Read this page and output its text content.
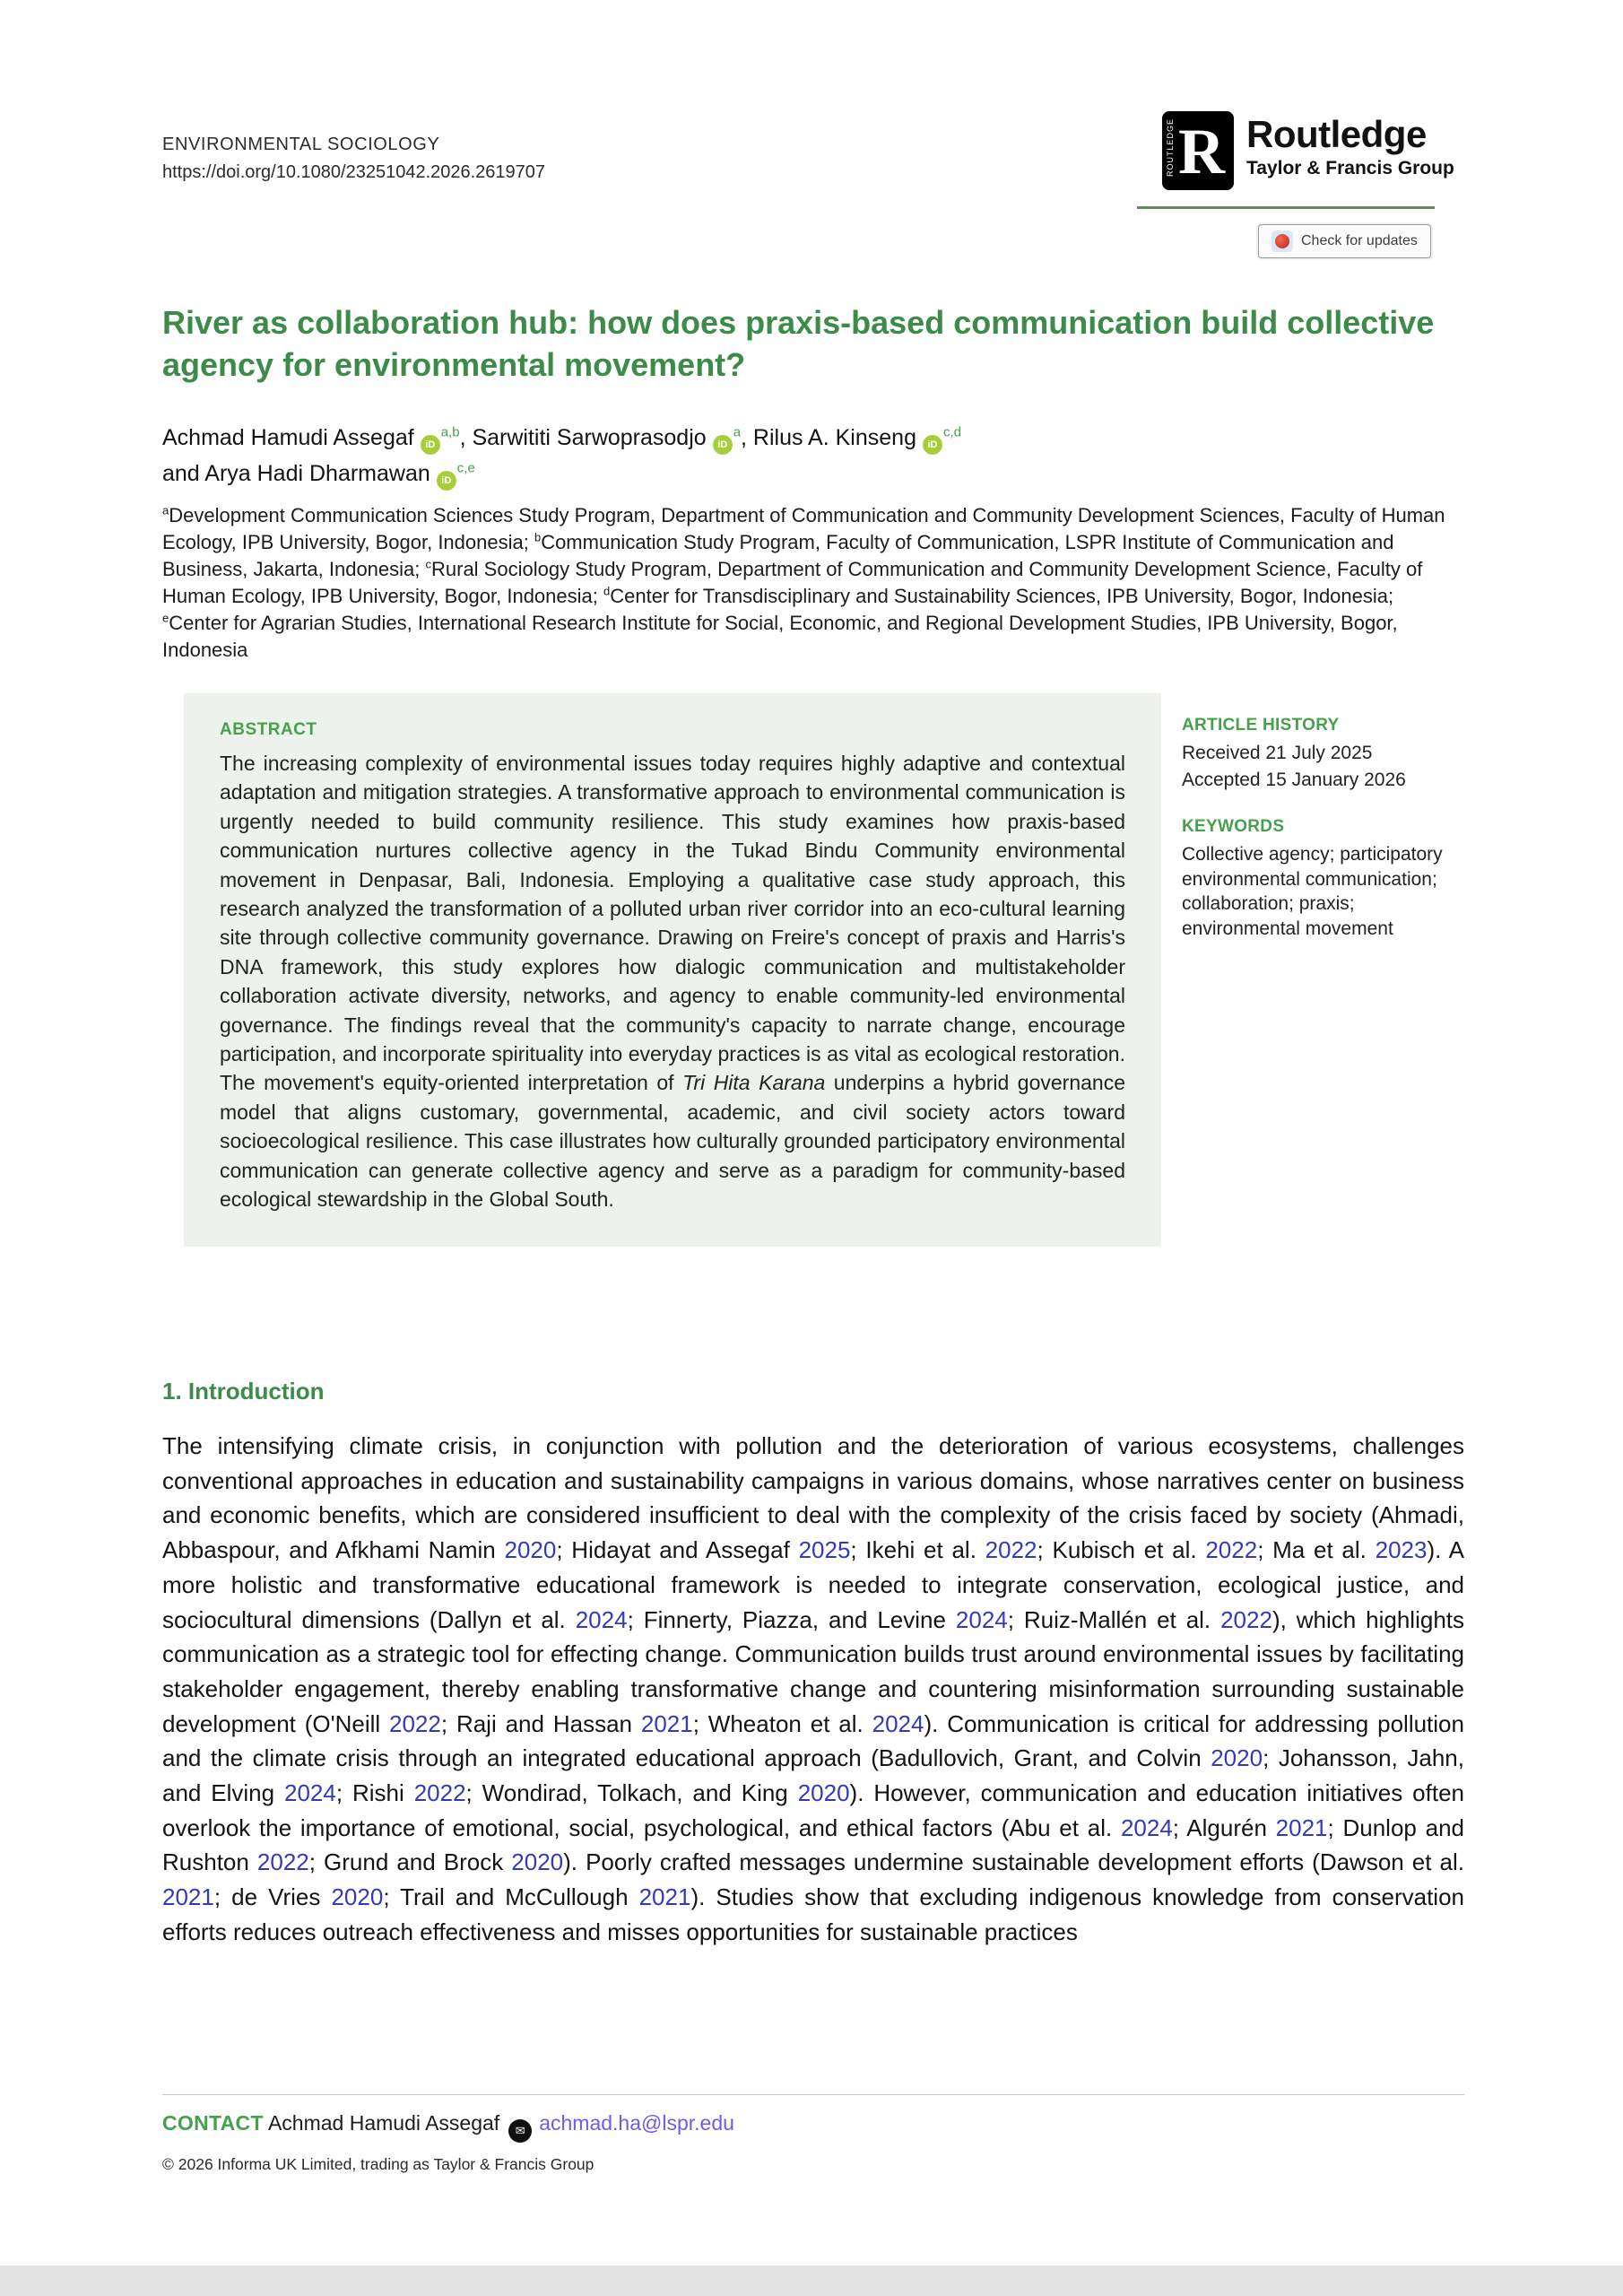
ENVIRONMENTAL SOCIOLOGY
https://doi.org/10.1080/23251042.2026.2619707	ROUTLEDGE R Routledge
Taylor & Francis Group
Check for updates
River as collaboration hub: how does praxis-based communication build collective agency for environmental movement?
Achmad Hamudi Assegaf iD$^{a,b}$, Sarwititi Sarwoprasodjo $iD^a$, Rilus A. Kinseng iD$^{c,d}$
and Arya Hadi Dharmawan iD$^{c,e}$
$^a$Development Communication Sciences Study Program, Department of Communication and Community Development Sciences, Faculty of Human Ecology, IPB University, Bogor, Indonesia; $^b$Communication Study Program, Faculty of Communication, LSPR Institute of Communication and Business, Jakarta, Indonesia; $^c$Rural Sociology Study Program, Department of Communication and Community Development Science, Faculty of Human Ecology, IPB University, Bogor, Indonesia; $^d$Center for Transdisciplinary and Sustainability Sciences, IPB University, Bogor, Indonesia; $^e$Center for Agrarian Studies, International Research Institute for Social, Economic, and Regional Development Studies, IPB University, Bogor, Indonesia
ABSTRACT
The increasing complexity of environmental issues today requires highly adaptive and contextual adaptation and mitigation strategies. A transformative approach to environmental communication is urgently needed to build community resilience. This study examines how praxis-based communication nurtures collective agency in the Tukad Bindu Community environmental movement in Denpasar, Bali, Indonesia. Employing a qualitative case study approach, this research analyzed the transformation of a polluted urban river corridor into an eco-cultural learning site through collective community governance. Drawing on Freire's concept of praxis and Harris's DNA framework, this study explores how dialogic communication and multistakeholder collaboration activate diversity, networks, and agency to enable community-led environmental governance. The findings reveal that the community's capacity to narrate change, encourage participation, and incorporate spirituality into everyday practices is as vital as ecological restoration. The movement's equity-oriented interpretation of Tri Hita Karana underpins a hybrid governance model that aligns customary, governmental, academic, and civil society actors toward socioecological resilience. This case illustrates how culturally grounded participatory environmental communication can generate collective agency and serve as a paradigm for community-based ecological stewardship in the Global South.
ARTICLE HISTORY
Received 21 July 2025
Accepted 15 January 2026
KEYWORDS
Collective agency; participatory environmental communication; collaboration; praxis; environmental movement
1. Introduction
The intensifying climate crisis, in conjunction with pollution and the deterioration of various ecosystems, challenges conventional approaches in education and sustainability campaigns in various domains, whose narratives center on business and economic benefits, which are considered insufficient to deal with the complexity of the crisis faced by society (Ahmadi, Abbaspour, and Afkhami Namin 2020; Hidayat and Assegaf 2025; Ikehi et al. 2022; Kubisch et al. 2022; Ma et al. 2023). A more holistic and transformative educational framework is needed to integrate conservation, ecological justice, and sociocultural dimensions (Dallyn et al. 2024; Finnerty, Piazza, and Levine 2024; Ruiz-Mallén et al. 2022), which highlights communication as a strategic tool for effecting change. Communication builds trust around environmental issues by facilitating stakeholder engagement, thereby enabling transformative change and countering misinformation surrounding sustainable development (O'Neill 2022; Raji and Hassan 2021; Wheaton et al. 2024). Communication is critical for addressing pollution and the climate crisis through an integrated educational approach (Badullovich, Grant, and Colvin 2020; Johansson, Jahn, and Elving 2024; Rishi 2022; Wondirad, Tolkach, and King 2020). However, communication and education initiatives often overlook the importance of emotional, social, psychological, and ethical factors (Abu et al. 2024; Algurén 2021; Dunlop and Rushton 2022; Grund and Brock 2020). Poorly crafted messages undermine sustainable development efforts (Dawson et al. 2021; de Vries 2020; Trail and McCullough 2021). Studies show that excluding indigenous knowledge from conservation efforts reduces outreach effectiveness and misses opportunities for sustainable practices
CONTACT Achmad Hamudi Assegaf ✉ achmad.ha@lspr.edu
© 2026 Informa UK Limited, trading as Taylor & Francis Group
